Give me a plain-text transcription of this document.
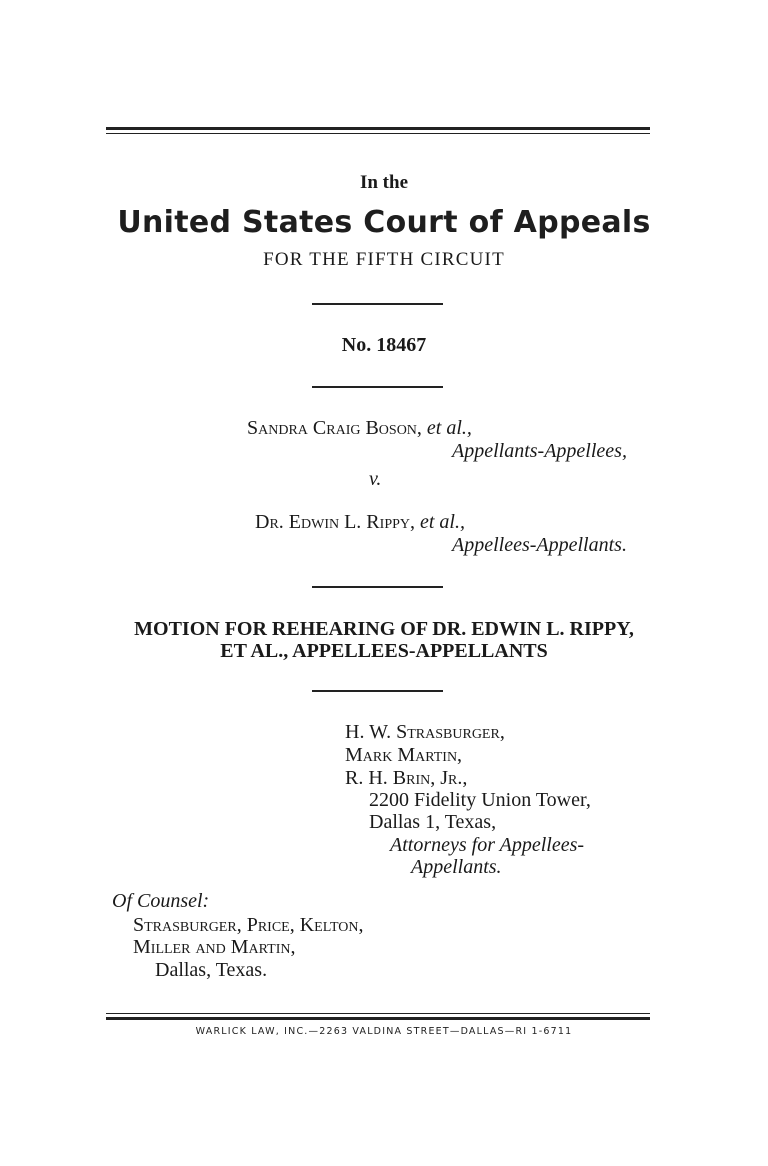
In the
United States Court of Appeals
FOR THE FIFTH CIRCUIT
No. 18467
Sandra Craig Boson, et al.,
Appellants-Appellees,
v.
Dr. Edwin L. Rippy, et al.,
Appellees-Appellants.
MOTION FOR REHEARING OF DR. EDWIN L. RIPPY,
ET AL., APPELLEES-APPELLANTS
H. W. Strasburger,
Mark Martin,
R. H. Brin, Jr.,
2200 Fidelity Union Tower,
Dallas 1, Texas,
Attorneys for Appellees-
Appellants.
Of Counsel:
Strasburger, Price, Kelton,
Miller and Martin,
Dallas, Texas.
WARLICK LAW, INC.—2263 VALDINA STREET—DALLAS—RI 1-6711
